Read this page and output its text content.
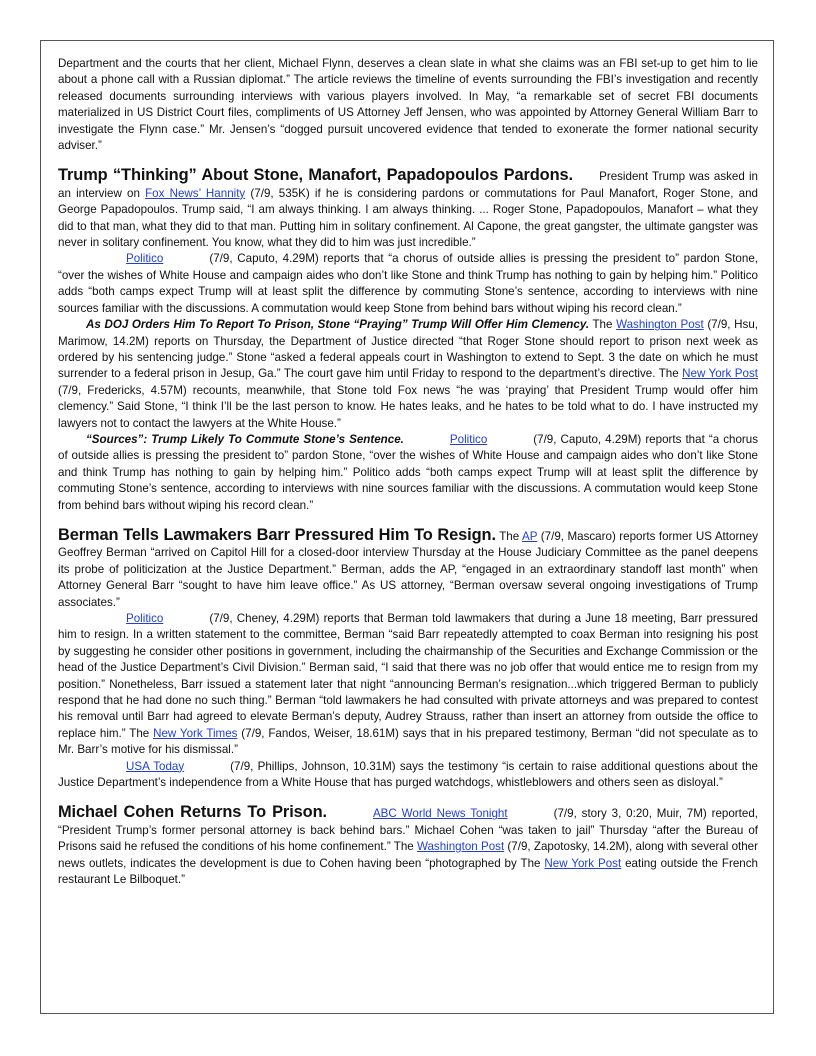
Department and the courts that her client, Michael Flynn, deserves a clean slate in what she claims was an FBI set-up to get him to lie about a phone call with a Russian diplomat.” The article reviews the timeline of events surrounding the FBI’s investigation and recently released documents surrounding interviews with various players involved. In May, “a remarkable set of secret FBI documents materialized in US District Court files, compliments of US Attorney Jeff Jensen, who was appointed by Attorney General William Barr to investigate the Flynn case.” Mr. Jensen’s “dogged pursuit uncovered evidence that tended to exonerate the former national security adviser.”

Trump “Thinking” About Stone, Manafort, Papadopoulos Pardons. President Trump was asked in an interview on Fox News’ Hannity (7/9, 535K) if he is considering pardons or commutations for Paul Manafort, Roger Stone, and George Papadopoulos. Trump said, “I am always thinking. I am always thinking. ... Roger Stone, Papadopoulos, Manafort – what they did to that man, what they did to that man. Putting him in solitary confinement. Al Capone, the great gangster, the ultimate gangster was never in solitary confinement. You know, what they did to him was just incredible.”

Politico	(7/9, Caputo, 4.29M) reports that “a chorus of outside allies is pressing the president to” pardon Stone, “over the wishes of White House and campaign aides who don’t like Stone and think Trump has nothing to gain by helping him.” Politico adds “both camps expect Trump will at least split the difference by commuting Stone’s sentence, according to interviews with nine sources familiar with the discussions. A commutation would keep Stone from behind bars without wiping his record clean.”

As DOJ Orders Him To Report To Prison, Stone “Praying” Trump Will Offer Him Clemency. The Washington Post (7/9, Hsu, Marimow, 14.2M) reports on Thursday, the Department of Justice directed “that Roger Stone should report to prison next week as ordered by his sentencing judge.” Stone “asked a federal appeals court in Washington to extend to Sept. 3 the date on which he must surrender to a federal prison in Jesup, Ga.” The court gave him until Friday to respond to the department’s directive. The New York Post (7/9, Fredericks, 4.57M) recounts, meanwhile, that Stone told Fox news “he was ‘praying’ that President Trump would offer him clemency.” Said Stone, “I think I’ll be the last person to know. He hates leaks, and he hates to be told what to do. I have instructed my lawyers not to contact the lawyers at the White House.”

“Sources”: Trump Likely To Commute Stone’s Sentence.	Politico	(7/9, Caputo, 4.29M) reports that “a chorus of outside allies is pressing the president to” pardon Stone, “over the wishes of White House and campaign aides who don’t like Stone and think Trump has nothing to gain by helping him.” Politico adds “both camps expect Trump will at least split the difference by commuting Stone’s sentence, according to interviews with nine sources familiar with the discussions. A commutation would keep Stone from behind bars without wiping his record clean.”

Berman Tells Lawmakers Barr Pressured Him To Resign. The AP (7/9, Mascaro) reports former US Attorney Geoffrey Berman “arrived on Capitol Hill for a closed-door interview Thursday at the House Judiciary Committee as the panel deepens its probe of politicization at the Justice Department.” Berman, adds the AP, “engaged in an extraordinary standoff last month” when Attorney General Barr “sought to have him leave office.” As US attorney, “Berman oversaw several ongoing investigations of Trump associates.”

Politico	(7/9, Cheney, 4.29M) reports that Berman told lawmakers that during a June 18 meeting, Barr pressured him to resign. In a written statement to the committee, Berman “said Barr repeatedly attempted to coax Berman into resigning his post by suggesting he consider other positions in government, including the chairmanship of the Securities and Exchange Commission or the head of the Justice Department’s Civil Division.” Berman said, “I said that there was no job offer that would entice me to resign from my position.” Nonetheless, Barr issued a statement later that night “announcing Berman’s resignation...which triggered Berman to publicly respond that he had done no such thing.” Berman “told lawmakers he had consulted with private attorneys and was prepared to contest his removal until Barr had agreed to elevate Berman’s deputy, Audrey Strauss, rather than insert an attorney from outside the office to replace him.” The New York Times (7/9, Fandos, Weiser, 18.61M) says that in his prepared testimony, Berman “did not speculate as to Mr. Barr’s motive for his dismissal.”

USA Today	(7/9, Phillips, Johnson, 10.31M) says the testimony “is certain to raise additional questions about the Justice Department’s independence from a White House that has purged watchdogs, whistleblowers and others seen as disloyal.”

Michael Cohen Returns To Prison.	ABC World News Tonight	(7/9, story 3, 0:20, Muir, 7M) reported, “President Trump’s former personal attorney is back behind bars.” Michael Cohen “was taken to jail” Thursday “after the Bureau of Prisons said he refused the conditions of his home confinement.” The Washington Post (7/9, Zapotosky, 14.2M), along with several other news outlets, indicates the development is due to Cohen having been “photographed by The New York Post eating outside the French restaurant Le Bilboquet.”
